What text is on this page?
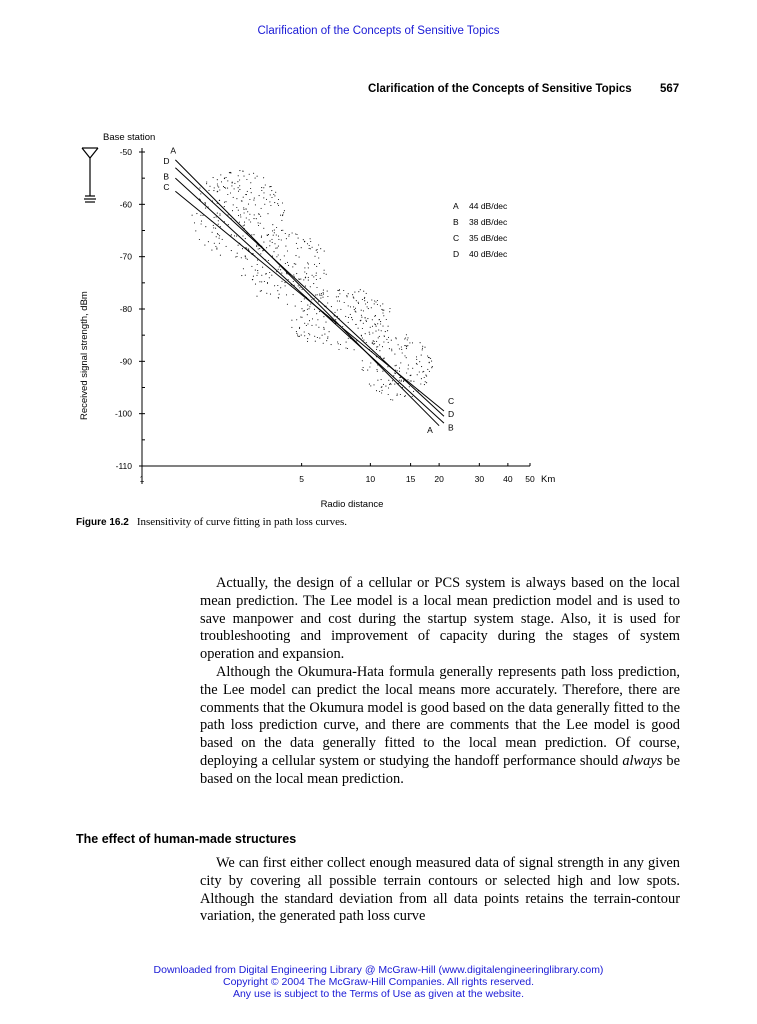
Clarification of the Concepts of Sensitive Topics
Clarification of the Concepts of Sensitive Topics 567
Base station
Received signal strength, dBm
Radio distance
Km
-50
-60
-70
-80
-90
-100
-110
1	5	10	15 20	30 40 50
D
A
B
C
C
D
A B
A 44 dB/dec
B 38 dB/dec
C 35 dB/dec
D 40 dB/dec
Figure 16.2 Insensitivity of curve fitting in path loss curves.

Actually, the design of a cellular or PCS system is always based on the local mean prediction. The Lee model is a local mean prediction model and is used to save manpower and cost during the startup system stage. Also, it is used for troubleshooting and improvement of capacity during the stages of system operation and expansion.

Although the Okumura-Hata formula generally represents path loss prediction, the Lee model can predict the local means more accurately. Therefore, there are comments that the Okumura model is good based on the data generally fitted to the path loss prediction curve, and there are comments that the Lee model is good based on the data generally fitted to the local mean prediction. Of course, deploying a cellular system or studying the handoff performance should always be based on the local mean prediction.

The effect of human-made structures

We can first either collect enough measured data of signal strength in any given city by covering all possible terrain contours or selected high and low spots. Although the standard deviation from all data points retains the terrain-contour variation, the generated path loss curve

Downloaded from Digital Engineering Library @ McGraw-Hill (www.digitalengineeringlibrary.com)
Copyright © 2004 The McGraw-Hill Companies. All rights reserved.
Any use is subject to the Terms of Use as given at the website.
